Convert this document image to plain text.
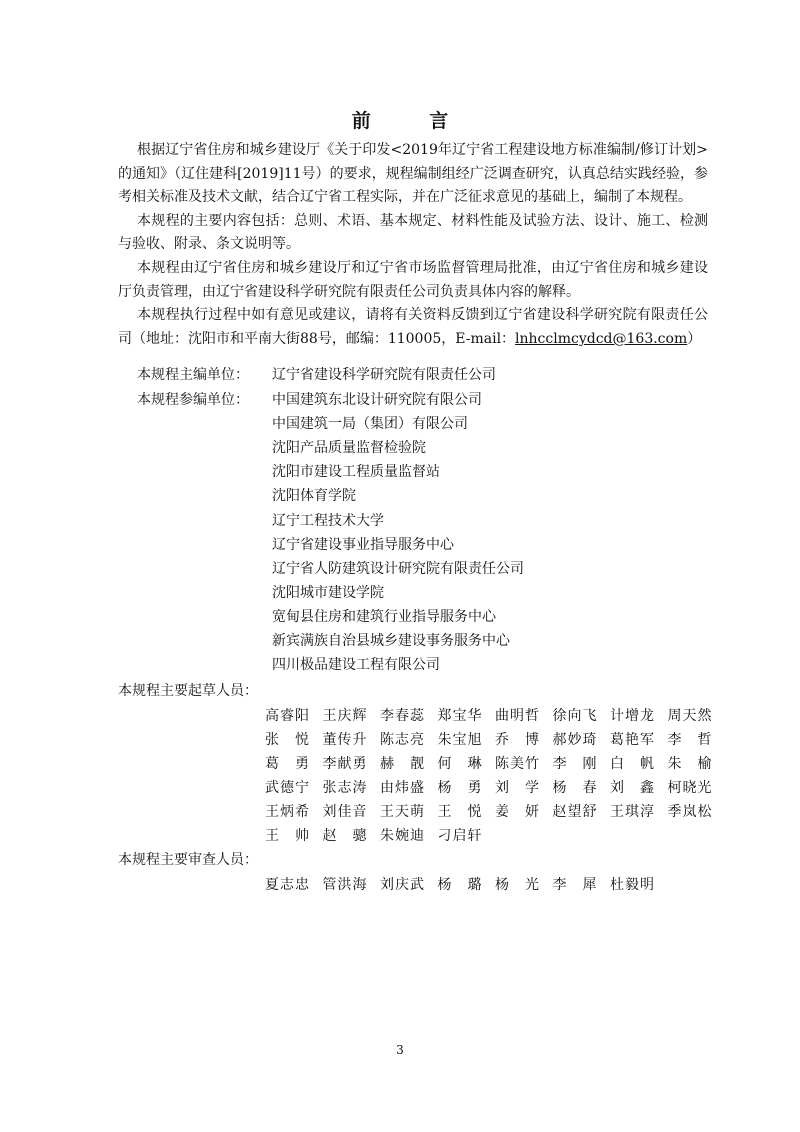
前 言

根据辽宁省住房和城乡建设厅《关于印发<2019年辽宁省工程建设地方标准编制/修订计划>的通知》（辽住建科[2019]11号）的要求，规程编制组经广泛调查研究，认真总结实践经验，参考相关标准及技术文献，结合辽宁省工程实际，并在广泛征求意见的基础上，编制了本规程。

本规程的主要内容包括：总则、术语、基本规定、材料性能及试验方法、设计、施工、检测与验收、附录、条文说明等。

本规程由辽宁省住房和城乡建设厅和辽宁省市场监督管理局批准，由辽宁省住房和城乡建设厅负责管理，由辽宁省建设科学研究院有限责任公司负责具体内容的解释。

本规程执行过程中如有意见或建议，请将有关资料反馈到辽宁省建设科学研究院有限责任公司（地址：沈阳市和平南大街88号，邮编：110005，E-mail：lnhcclmcydcd@163.com）

本规程主编单位： 辽宁省建设科学研究院有限责任公司
本规程参编单位： 中国建筑东北设计研究院有限公司
中国建筑一局（集团）有限公司
沈阳产品质量监督检验院
沈阳市建设工程质量监督站
沈阳体育学院
辽宁工程技术大学
辽宁省建设事业指导服务中心
辽宁省人防建筑设计研究院有限责任公司
沈阳城市建设学院
宽甸县住房和建筑行业指导服务中心
新宾满族自治县城乡建设事务服务中心
四川极品建设工程有限公司
本规程主要起草人员：
高睿阳 王庆辉 李春蕊 郑宝华 曲明哲 徐向飞 计增龙 周天然
张悦 董传升 陈志亮 朱宝旭 乔博 郝妙琦 葛艳军 李哲
葛勇 李献勇 赫靓 何琳 陈美竹 李刚 白帆 朱榆
武德宁 张志涛 由炜盛 杨勇 刘学 杨春 刘鑫 柯晓光
王炳希 刘佳音 王天萌 王悦 姜妍 赵望舒 王琪淳 季岚松
王帅 赵骢 朱婉迪 刁启轩
本规程主要审查人员：
夏志忠 管洪海 刘庆武 杨璐 杨光 李犀 杜毅明
3
